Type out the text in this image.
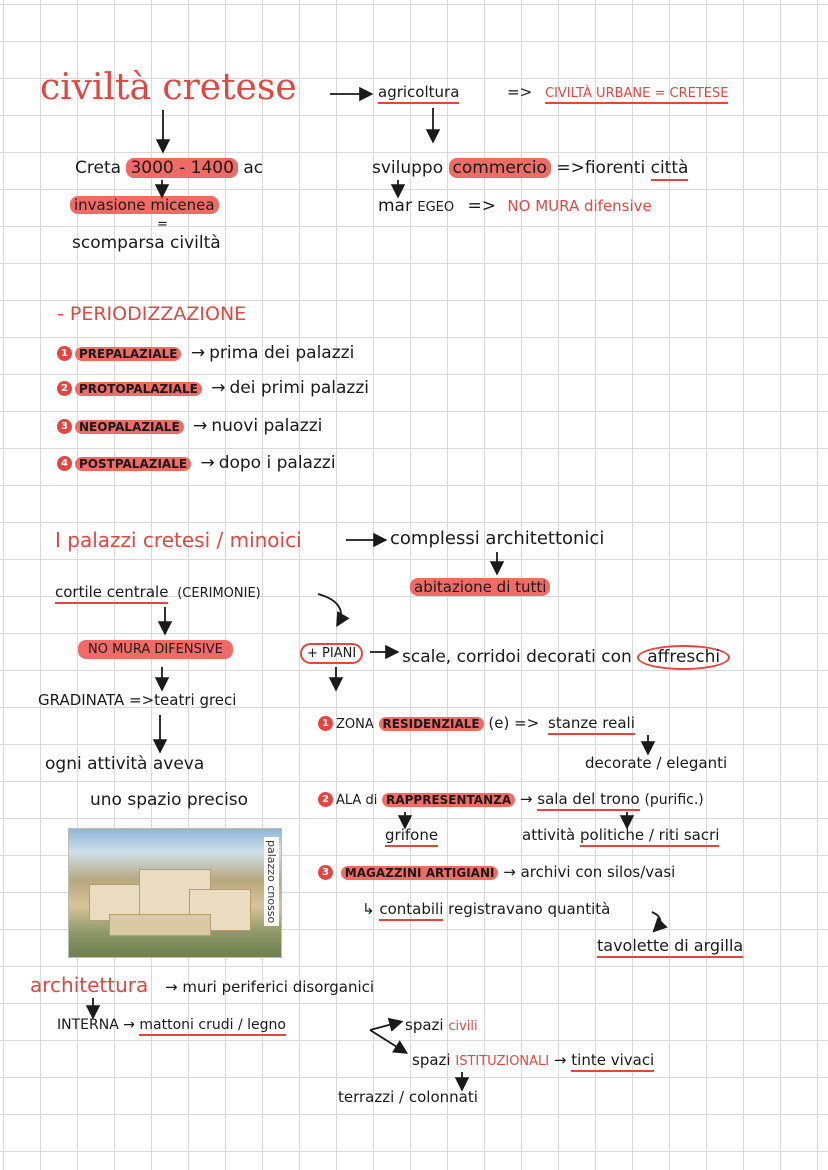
civiltà cretese	agricoltura	=> CIVILTÀ URBANE = CRETESE
Creta 3000 - 1400 ac
invasione micenea
=
scomparsa civiltà
sviluppo commercio =>fiorenti città
mar EGEO => NO MURA difensive
- PERIODIZZAZIONE
1 PREPALAZIALE → prima dei palazzi
2 PROTOPALAZIALE → dei primi palazzi
3 NEOPALAZIALE → nuovi palazzi
4 POSTPALAZIALE → dopo i palazzi
I palazzi cretesi / minoici	complessi architettonici
abitazione di tutti
cortile centrale (CERIMONIE)
NO MURA DIFENSIVE
GRADINATA =>teatri greci
ogni attività aveva
uno spazio preciso
+ PIANI	scale, corridoi decorati con affreschi
1 ZONA RESIDENZIALE (e) => stanze reali
decorate / eleganti
2 ALA di RAPPRESENTANZA → sala del trono (purific.)
grifone	attività politiche / riti sacri
3 MAGAZZINI ARTIGIANI → archivi con silos/vasi
↳ contabili registravano quantità
tavolette di argilla
palazzo cnosso
architettura → muri periferici disorganici
INTERNA → mattoni crudi / legno	spazi civili
spazi ISTITUZIONALI → tinte vivaci
terrazzi / colonnati
